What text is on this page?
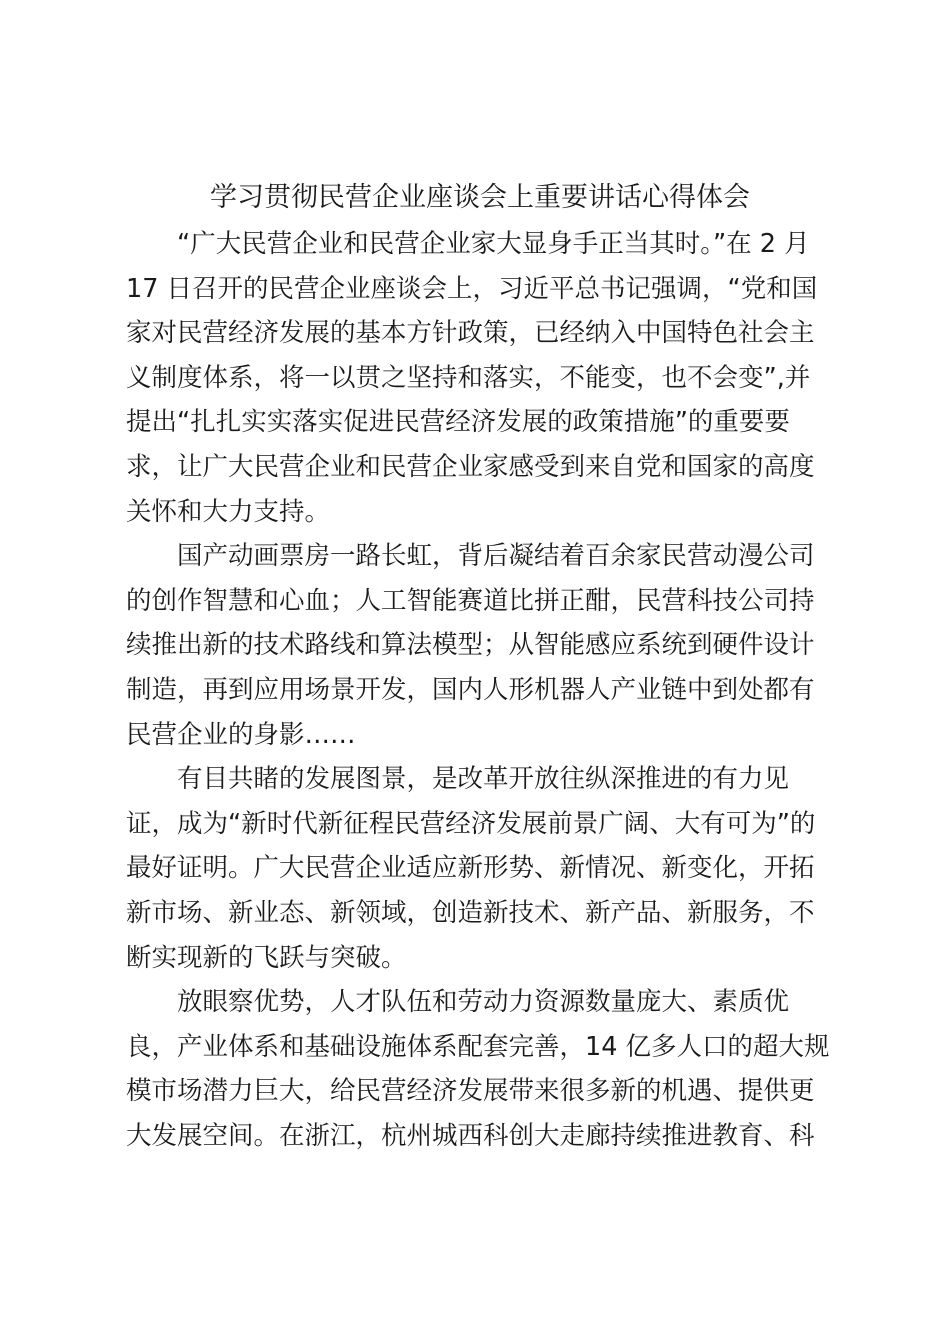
学习贯彻民营企业座谈会上重要讲话心得体会

“广大民营企业和民营企业家大显身手正当其时。”在 2 月
17 日召开的民营企业座谈会上，习近平总书记强调，“党和国
家对民营经济发展的基本方针政策，已经纳入中国特色社会主
义制度体系，将一以贯之坚持和落实，不能变，也不会变”,并
提出“扎扎实实落实促进民营经济发展的政策措施”的重要要
求，让广大民营企业和民营企业家感受到来自党和国家的高度
关怀和大力支持。

国产动画票房一路长虹，背后凝结着百余家民营动漫公司
的创作智慧和心血；人工智能赛道比拼正酣，民营科技公司持
续推出新的技术路线和算法模型；从智能感应系统到硬件设计
制造，再到应用场景开发，国内人形机器人产业链中到处都有
民营企业的身影……

有目共睹的发展图景，是改革开放往纵深推进的有力见
证，成为“新时代新征程民营经济发展前景广阔、大有可为”的
最好证明。广大民营企业适应新形势、新情况、新变化，开拓
新市场、新业态、新领域，创造新技术、新产品、新服务，不
断实现新的飞跃与突破。

放眼察优势，人才队伍和劳动力资源数量庞大、素质优
良，产业体系和基础设施体系配套完善，14 亿多人口的超大规
模市场潜力巨大，给民营经济发展带来很多新的机遇、提供更
大发展空间。在浙江，杭州城西科创大走廊持续推进教育、科
